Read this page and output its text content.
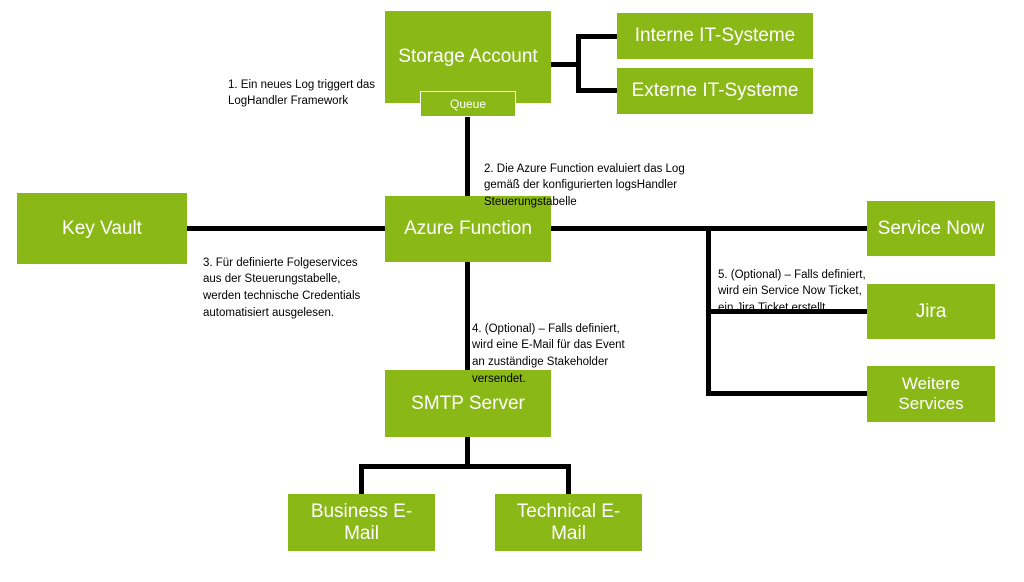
Storage Account
Queue
Interne IT-Systeme
Externe IT-Systeme
Key Vault	Azure Function	Service Now
Jira
Weitere Services
SMTP Server
Business E-Mail
Technical E-Mail

1. Ein neues Log triggert das LogHandler Framework

2. Die Azure Function evaluiert das Log gemäß der konfigurierten logsHandler Steuerungstabelle

3. Für definierte Folgeservices aus der Steuerungstabelle, werden technische Credentials automatisiert ausgelesen.

4. (Optional) – Falls definiert, wird eine E-Mail für das Event an zuständige Stakeholder versendet.

5. (Optional) – Falls definiert, wird ein Service Now Ticket, ein Jira Ticket erstellt.
